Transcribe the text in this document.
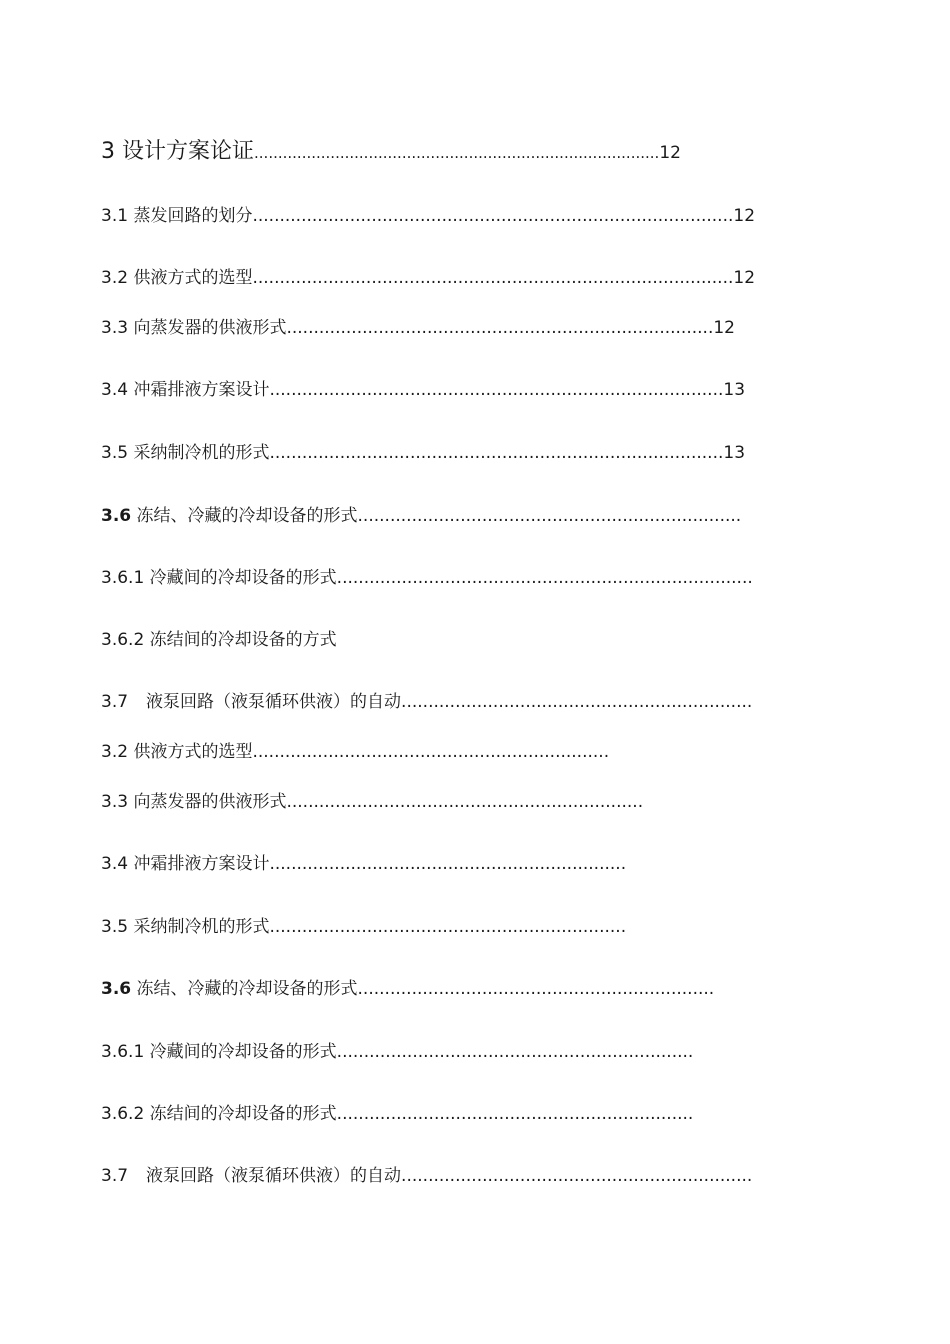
3 设计方案论证.....................................................................................12
3.1 蒸发回路的划分.........................................................................................12
3.2 供液方式的选型.........................................................................................12
3.3 向蒸发器的供液形式...............................................................................12
3.4 冲霜排液方案设计....................................................................................13
3.5 采纳制冷机的形式....................................................................................13
3.6 冻结、冷藏的冷却设备的形式.......................................................................
3.6.1 冷藏间的冷却设备的形式.............................................................................
3.6.2 冻结间的冷却设备的方式
3.7 液泵回路（液泵循环供液）的自动.................................................................
3.2 供液方式的选型..................................................................
3.3 向蒸发器的供液形式..................................................................
3.4 冲霜排液方案设计..................................................................
3.5 采纳制冷机的形式..................................................................
3.6 冻结、冷藏的冷却设备的形式..................................................................
3.6.1 冷藏间的冷却设备的形式..................................................................
3.6.2 冻结间的冷却设备的形式..................................................................
3.7 液泵回路（液泵循环供液）的自动.................................................................
